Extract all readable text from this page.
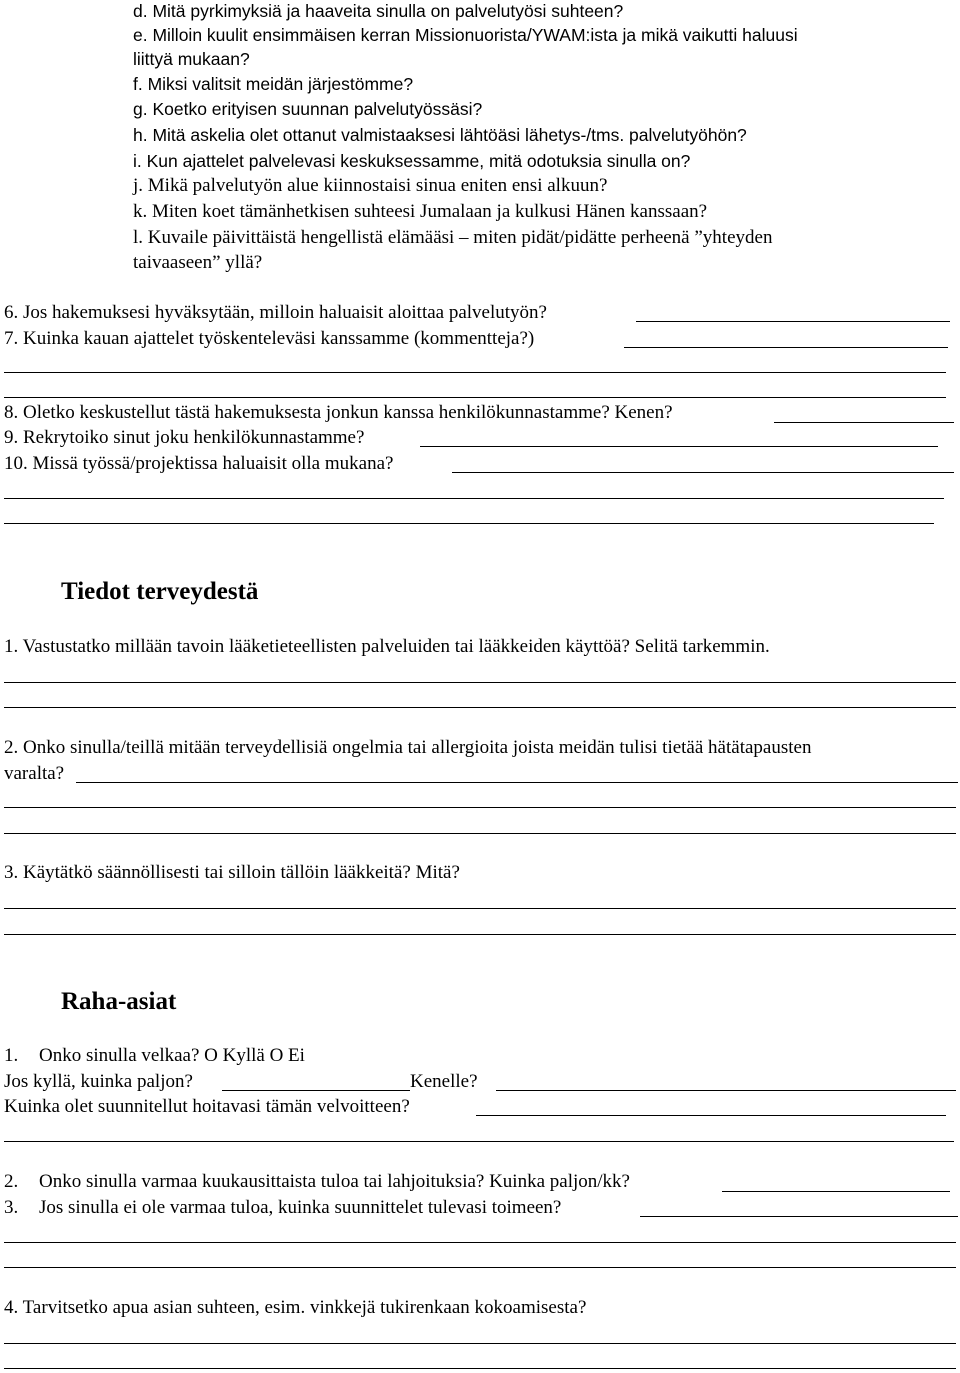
d. Mitä pyrkimyksiä ja haaveita sinulla on palvelutyösi suhteen?
e. Milloin kuulit ensimmäisen kerran Missionuorista/YWAM:ista ja mikä vaikutti haluusi
liittyä mukaan?
f. Miksi valitsit meidän järjestömme?
g. Koetko erityisen suunnan palvelutyössäsi?
h. Mitä askelia olet ottanut valmistaaksesi lähtöäsi lähetys-/tms. palvelutyöhön?
i. Kun ajattelet palvelevasi keskuksessamme, mitä odotuksia sinulla on?
j. Mikä palvelutyön alue kiinnostaisi sinua eniten ensi alkuun?
k. Miten koet tämänhetkisen suhteesi Jumalaan ja kulkusi Hänen kanssaan?
l. Kuvaile päivittäistä hengellistä elämääsi – miten pidät/pidätte perheenä ”yhteyden
taivaaseen” yllä?
6. Jos hakemuksesi hyväksytään, milloin haluaisit aloittaa palvelutyön?
7. Kuinka kauan ajattelet työskenteleväsi kanssamme (kommentteja?)
8. Oletko keskustellut tästä hakemuksesta jonkun kanssa henkilökunnastamme? Kenen?
9. Rekrytoiko sinut joku henkilökunnastamme?
10. Missä työssä/projektissa haluaisit olla mukana?
Tiedot terveydestä
1. Vastustatko millään tavoin lääketieteellisten palveluiden tai lääkkeiden käyttöä? Selitä tarkemmin.
2. Onko sinulla/teillä mitään terveydellisiä ongelmia tai allergioita joista meidän tulisi tietää hätätapausten
varalta?
3. Käytätkö säännöllisesti tai silloin tällöin lääkkeitä? Mitä?
Raha-asiat
1. Onko sinulla velkaa? O Kyllä O Ei
Jos kyllä, kuinka paljon?	Kenelle?
Kuinka olet suunnitellut hoitavasi tämän velvoitteen?
2. Onko sinulla varmaa kuukausittaista tuloa tai lahjoituksia? Kuinka paljon/kk?
3. Jos sinulla ei ole varmaa tuloa, kuinka suunnittelet tulevasi toimeen?
4. Tarvitsetko apua asian suhteen, esim. vinkkejä tukirenkaan kokoamisesta?
